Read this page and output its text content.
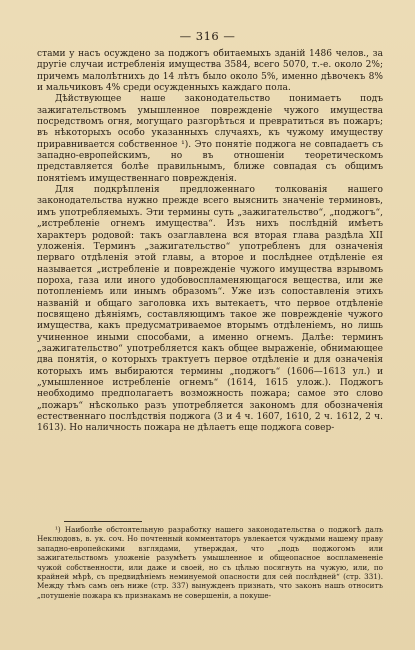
— 316 —

стами у насъ осуждено за поджогъ обитаемыхъ зданій 1486 челов., за другіе случаи истребленія имущества 3584, всего 5070, т.-е. около 2%; причемъ малолѣтнихъ до 14 лѣтъ было около 5%, именно дѣвочекъ 8% и мальчиковъ 4% среди осужденныхъ каждаго пола.

Дѣйствующее наше законодательство понимаетъ подъ зажигательствомъ умышленное поврежденіе чужого имущества посредствомъ огня, могущаго разгорѣться и превратиться въ пожаръ; въ нѣкоторыхъ особо указанныхъ случаяхъ, къ чужому имуществу приравнивается собственное ¹). Это понятіе поджога не совпадаетъ съ западно-европейскимъ, но въ отношеніи теоретическомъ представляется болѣе правильнымъ, ближе совпадая съ общимъ понятіемъ имущественнаго поврежденія.

Для подкрѣпленія предложеннаго толкованія нашего законодательства нужно прежде всего выяснить значеніе терминовъ, имъ употребляемыхъ. Эти термины суть „зажигательство“, „поджогъ“, „истребленіе огнемъ имущества“. Изъ нихъ послѣдній имѣетъ характеръ родовой: такъ озаглавлена вся вторая глава раздѣла XII уложенія. Терминъ „зажигательство“ употребленъ для означенія перваго отдѣленія этой главы, а второе и послѣднее отдѣленіе ея называется „истребленіе и поврежденіе чужого имущества взрывомъ пороха, газа или иного удобовоспламеняющагося вещества, или же потопленіемъ или инымъ образомъ“. Уже изъ сопоставленія этихъ названій и общаго заголовка ихъ вытекаетъ, что первое отдѣленіе посвящено дѣяніямъ, составляющимъ такое же поврежденіе чужого имущества, какъ предусматриваемое вторымъ отдѣленіемъ, но лишь учиненное иными способами, а именно огнемъ. Далѣе: терминъ „зажигательство“ употребляется какъ общее выраженіе, обнимающее два понятія, о которыхъ трактуетъ первое отдѣленіе и для означенія которыхъ имъ выбираются термины „поджогъ“ (1606—1613 ул.) и „умышленное истребленіе огнемъ“ (1614, 1615 улож.). Поджогъ необходимо предполагаетъ возможность пожара; самое это слово „пожаръ“ нѣсколько разъ употребляется закономъ для обозначенія естественнаго послѣдствія поджога (3 и 4 ч. 1607, 1610, 2 ч. 1612, 2 ч. 1613). Но наличность пожара не дѣлаетъ еще поджога совер-

¹) Наиболѣе обстоятельную разработку нашего законодательства о поджогѣ далъ Неклюдовъ, в. ук. соч. Но почтенный комментаторъ увлекается чуждыми нашему праву западно-европейскими взглядами, утверждая, что „подъ поджогомъ или зажигательствомъ уложеніе разумѣетъ умышленное и общеопасное воспламененіе чужой собственности, или даже и своей, но съ цѣлью посягнуть на чужую, или, по крайней мѣрѣ, съ предвидѣніемъ неминуемой опасности для сей послѣдней“ (стр. 331). Между тѣмъ самъ онъ ниже (стр. 337) вынужденъ признать, что законъ нашъ относитъ „потушеніе пожара къ признакамъ не совершенія, а покуше-
